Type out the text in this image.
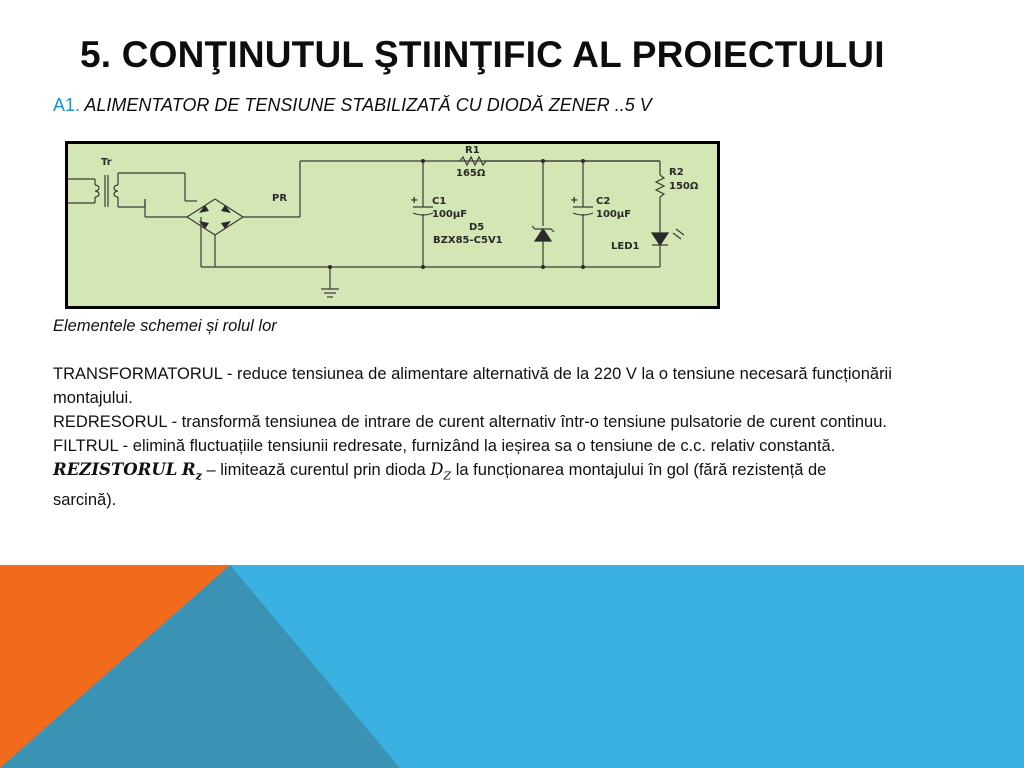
5. CONŢINUTUL ŞTIINŢIFIC AL PROIECTULUI
A1. ALIMENTATOR DE TENSIUNE STABILIZATĂ CU DIODĂ ZENER ..5 V
Tr
PR
R1
165Ω
+ C1
100μF
D5
BZX85-C5V1
+ C2
100μF
R2
150Ω
LED1

Elementele schemei și rolul lor

TRANSFORMATORUL - reduce tensiunea de alimentare alternativă de la 220 V la o tensiune necesară funcționării montajului.

REDRESORUL - transformă tensiunea de intrare de curent alternativ într-o tensiune pulsatorie de curent continuu.

FILTRUL - elimină fluctuațiile tensiunii redresate, furnizând la ieșirea sa o tensiune de c.c. relativ constantă.

REZISTORUL $R_z$ – limitează curentul prin dioda $D_Z$ la funcționarea montajului în gol (fără rezistență de sarcină).
